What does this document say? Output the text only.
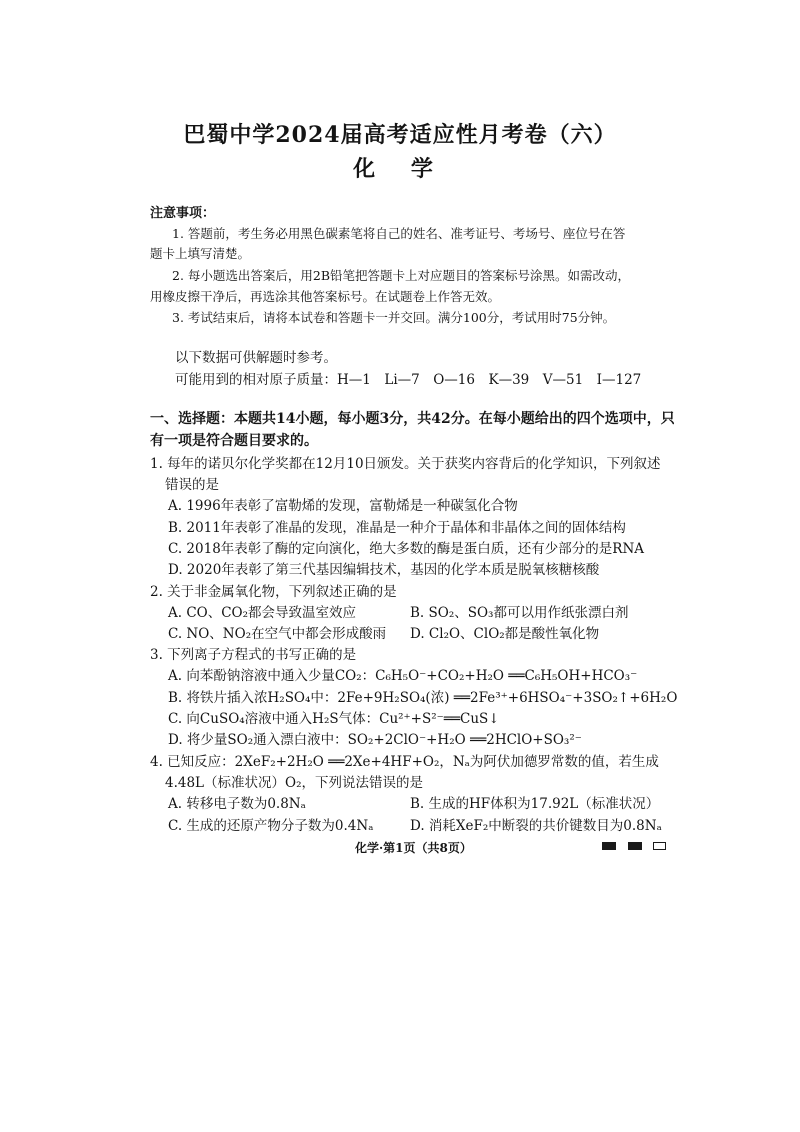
巴蜀中学2024届高考适应性月考卷（六）
化 学
注意事项：
1. 答题前，考生务必用黑色碳素笔将自己的姓名、准考证号、考场号、座位号在答
题卡上填写清楚。
2. 每小题选出答案后，用2B铅笔把答题卡上对应题目的答案标号涂黑。如需改动，
用橡皮擦干净后，再选涂其他答案标号。在试题卷上作答无效。
3. 考试结束后，请将本试卷和答题卡一并交回。满分100分，考试用时75分钟。
以下数据可供解题时参考。
可能用到的相对原子质量：H—1　Li—7　O—16　K—39　V—51　I—127
一、选择题：本题共14小题，每小题3分，共42分。在每小题给出的四个选项中，只
有一项是符合题目要求的。
1. 每年的诺贝尔化学奖都在12月10日颁发。关于获奖内容背后的化学知识，下列叙述
错误的是
A. 1996年表彰了富勒烯的发现，富勒烯是一种碳氢化合物
B. 2011年表彰了准晶的发现，准晶是一种介于晶体和非晶体之间的固体结构
C. 2018年表彰了酶的定向演化，绝大多数的酶是蛋白质，还有少部分的是RNA
D. 2020年表彰了第三代基因编辑技术，基因的化学本质是脱氧核糖核酸
2. 关于非金属氧化物，下列叙述正确的是
A. CO、CO₂都会导致温室效应	B. SO₂、SO₃都可以用作纸张漂白剂
C. NO、NO₂在空气中都会形成酸雨 D. Cl₂O、ClO₂都是酸性氧化物
3. 下列离子方程式的书写正确的是
A. 向苯酚钠溶液中通入少量CO₂：C₆H₅O⁻+CO₂+H₂O ══C₆H₅OH+HCO₃⁻
B. 将铁片插入浓H₂SO₄中：2Fe+9H₂SO₄(浓) ══2Fe³⁺+6HSO₄⁻+3SO₂↑+6H₂O
C. 向CuSO₄溶液中通入H₂S气体：Cu²⁺+S²⁻══CuS↓
D. 将少量SO₂通入漂白液中：SO₂+2ClO⁻+H₂O ══2HClO+SO₃²⁻
4. 已知反应：2XeF₂+2H₂O ══2Xe+4HF+O₂，Nₐ为阿伏加德罗常数的值，若生成
4.48L（标准状况）O₂，下列说法错误的是
A. 转移电子数为0.8Nₐ	B. 生成的HF体积为17.92L（标准状况）
C. 生成的还原产物分子数为0.4Nₐ	D. 消耗XeF₂中断裂的共价键数目为0.8Nₐ
化学·第1页（共8页）
